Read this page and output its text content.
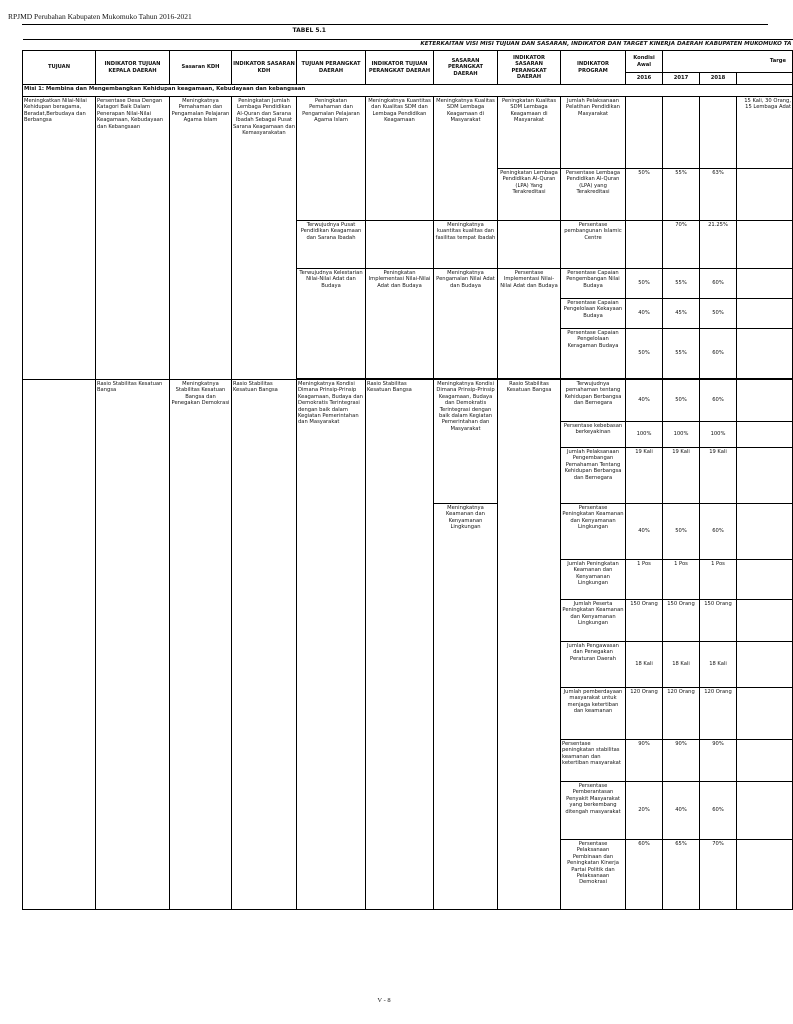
RPJMD Perubahan Kabupaten Mukomuko Tahun 2016-2021
TABEL 5.1												
KETERKAITAN VISI MISI TUJUAN DAN SASARAN, INDIKATOR DAN TARGET KINERJA DAERAH KABUPATEN MUKOMUKO TA												
TUJUAN	INDIKATOR TUJUAN KEPALA DAERAH	Sasaran KDH	INDIKATOR SASARAN KDH	TUJUAN PERANGKAT DAERAH	INDIKATOR TUJUAN PERANGKAT DAERAH	SASARAN PERANGKAT DAERAH	INDIKATOR SASARAN PERANGKAT DAERAH	INDIKATOR PROGRAM	Kondisi Awal	Targe		
									2016	2017	2018	
Misi 1: Membina dan Mengembangkan Kehidupan keagamaan, Kebudayaan dan kebangsaan												
Meningkatkan Nilai-Nilai Kehidupan beragama, Beradat,Berbudaya dan Berbangsa	Persentase Desa Dengan Katagori Baik Dalam Penerapan Nilai-Nilai Keagamaan, Kebudayaan dan Kebangsaan	Meningkatnya Pemahaman dan Pengamalan Pelajaran Agama Islam	Peningkatan Jumlah Lembaga Pendidikan Al-Quran dan Sarana Ibadah Sebagai Pusat Sarana Keagamaan dan Kemasyarakatan	Peningkatan Pemahaman dan Pengamalan Pelajaran Agama Islam	Meningkatnya Kuantitas dan Kualitas SDM dan Lembaga Pendidikan Keagamaan	Meningkatnya Kualitas SDM Lembaga Keagamaan di Masyarakat	Peningkatan Kualitas SDM Lembaga Keagamaan di Masyarakat	Jumlah Pelaksanaan Pelatihan Pendidikan Masyarakat				15 Kali, 30 Orang, 15 Lembaga Adat
							Peningkatan Lembaga Pendidikan Al-Quran (LPA) Yang Terakreditasi	Persentase Lembaga Pendidikan Al-Quran (LPA) yang Terakreditasi	50%	55%	63%	
				Terwujudnya Pusat Pendidikan Keagamaan dan Sarana Ibadah		Meningkatnya kuantitas kualitas dan fasilitas tempat ibadah		Persentase pembangunan Islamic Centre		70%	21.25%	
				Terwujudnya Kelestarian Nilai-Nilai Adat dan Budaya	Peningkatan Implementasi Nilai-Nilai Adat dan Budaya	Meningkatnya Pengamalan Nilai Adat dan Budaya	Persentase Implementasi Nilai-Nilai Adat dan Budaya	Persentase Capaian Pengembangan Nilai Budaya	50%	55%	60%	
								Persentase Capaian Pengelolaan Kekayaan Budaya	40%	45%	50%	
								Persentase Capaian Pengelolaan Keragaman Budaya	50%	55%	60%	

	Rasio Stabilitas Kesatuan Bangsa	Meningkatnya Stabilitas Kesatuan Bangsa dan Penegakan Demokrasi	Rasio Stabilitas Kesatuan Bangsa	Meningkatnya Kondisi Dimana Prinsip-Prinsip Keagamaan, Budaya dan Demokratis Terintegrasi dengan baik dalam Kegiatan Pemerintahan dan Masyarakat	Rasio Stabilitas Kesatuan Bangsa	Meningkatnya Kondisi Dimana Prinsip-Prinsip Keagamaan, Budaya dan Demokratis Terintegrasi dengan baik dalam Kegiatan Pemerintahan dan Masyarakat	Rasio Stabilitas Kesatuan Bangsa	Terwujudnya pemahaman tentang Kehidupan Berbangsa dan Bernegara	40%	50%	60%	
								Persentase kebebasan berkeyakinan	100%	100%	100%	
								Jumlah Pelaksanaan Pengembangan Pemahaman Tentang Kehidupan Berbangsa dan Bernegara	19 Kali	19 Kali	19 Kali	
						Meningkatnya Keamanan dan Kenyamanan Lingkungan		Persentase Peningkatan Keamanan dan Kenyamanan Lingkungan	40%	50%	60%	
								Jumlah Peningkatan Keamanan dan Kenyamanan Lingkungan	1 Pos	1 Pos	1 Pos	
								Jumlah Peserta Peningkatan Keamanan dan Kenyamanan Lingkungan	150 Orang	150 Orang	150 Orang	
								Jumlah Pengawasan dan Penegakan Peraturan Daerah	18 Kali	18 Kali	18 Kali	
								Jumlah pemberdayaan masyarakat untuk menjaga ketertiban dan keamanan	120 Orang	120 Orang	120 Orang	
								Persentase peningkatan stabilitas keamanan dan ketertiban masyarakat	90%	90%	90%	
								Persentase Pemberantasan Penyakit Masyarakat yang berkembang ditengah masyarakat	20%	40%	60%	
								Persentase Pelaksanaan Pembinaan dan Peningkatan Kinerja Partai Politik dan Pelaksanaan Demokrasi	60%	65%	70%	
V - 8
